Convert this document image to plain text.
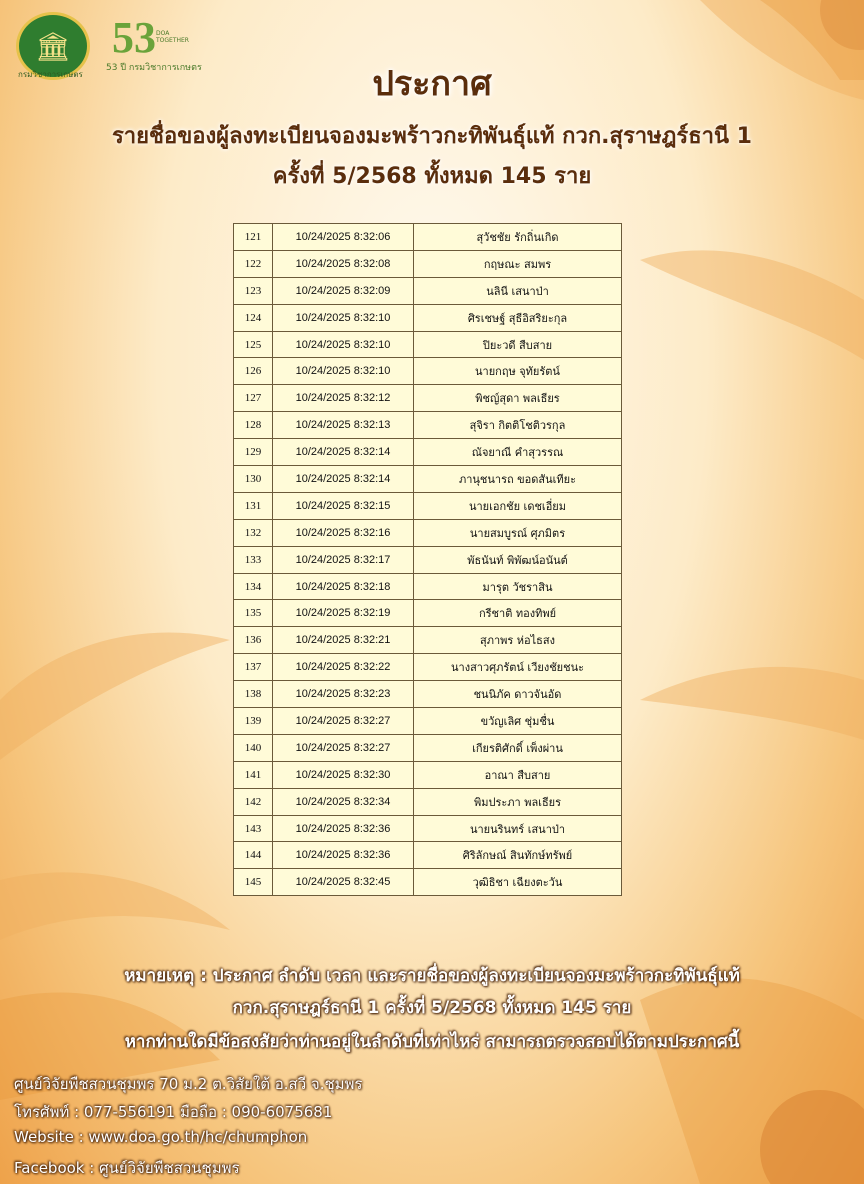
🏛 53 DOA TOGETHER
53 ปี กรมวิชาการเกษตร
กรมวิชาการเกษตร	ประกาศ
รายชื่อของผู้ลงทะเบียนจองมะพร้าวกะทิพันธุ์แท้ กวก.สุราษฎร์ธานี 1
ครั้งที่ 5/2568 ทั้งหมด 145 ราย
121	10/24/2025 8:32:06	สุวัชชัย รักถิ่นเกิด
122	10/24/2025 8:32:08	กฤษณะ สมพร
123	10/24/2025 8:32:09	นลินี เสนาป่า
124	10/24/2025 8:32:10	ศิรเชษฐ์ สุธีอิสริยะกุล
125	10/24/2025 8:32:10	ปิยะวดี สืบสาย
126	10/24/2025 8:32:10	นายกฤษ จุทัยรัตน์
127	10/24/2025 8:32:12	พิชญ์สุดา พลเธียร
128	10/24/2025 8:32:13	สุจิรา กิตติโชติวรกุล
129	10/24/2025 8:32:14	ณัจยาณี คำสุวรรณ
130	10/24/2025 8:32:14	ภานุชนารถ ขอดสันเทียะ
131	10/24/2025 8:32:15	นายเอกชัย เดชเอี่ยม
132	10/24/2025 8:32:16	นายสมบูรณ์ ศุภมิตร
133	10/24/2025 8:32:17	พัธนันท์ พิพัฒน์อนันต์
134	10/24/2025 8:32:18	มารุต วัชราสิน
135	10/24/2025 8:32:19	กรีชาติ ทองทิพย์
136	10/24/2025 8:32:21	สุภาพร ห่อไธสง
137	10/24/2025 8:32:22	นางสาวศุภรัตน์ เวียงชัยชนะ
138	10/24/2025 8:32:23	ชนนิภัค ดาวจันอัด
139	10/24/2025 8:32:27	ขวัญเลิศ ชุ่มชื่น
140	10/24/2025 8:32:27	เกียรติศักดิ์ เพ็งผ่าน
141	10/24/2025 8:32:30	อาณา สืบสาย
142	10/24/2025 8:32:34	พิมประภา พลเธียร
143	10/24/2025 8:32:36	นายนรินทร์ เสนาป่า
144	10/24/2025 8:32:36	ศิริลักษณ์ สินทักษ์ทรัพย์
145	10/24/2025 8:32:45	วุฒิธิชา เฉียงตะวัน
หมายเหตุ : ประกาศ ลำดับ เวลา และรายชื่อของผู้ลงทะเบียนจองมะพร้าวกะทิพันธุ์แท้
กวก.สุราษฎร์ธานี 1 ครั้งที่ 5/2568 ทั้งหมด 145 ราย
หากท่านใดมีข้อสงสัยว่าท่านอยู่ในลำดับที่เท่าไหร่ สามารถตรวจสอบได้ตามประกาศนี้
ศูนย์วิจัยพืชสวนชุมพร 70 ม.2 ต.วิสัยใต้ อ.สวี จ.ชุมพร
โทรศัพท์ : 077-556191 มือถือ : 090-6075681
Website : www.doa.go.th/hc/chumphon
Facebook : ศูนย์วิจัยพืชสวนชุมพร
